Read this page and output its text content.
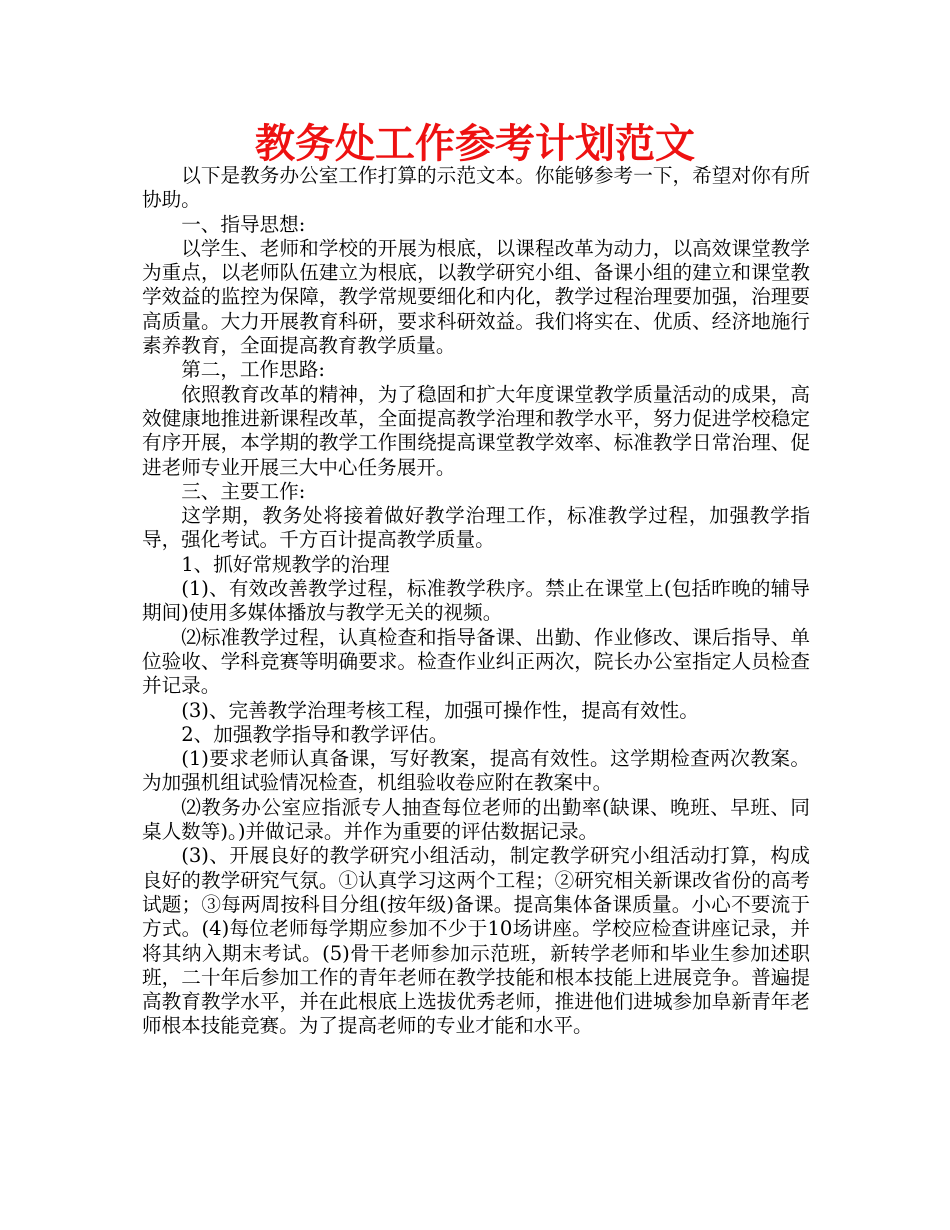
教务处工作参考计划范文

以下是教务办公室工作打算的示范文本。你能够参考一下，希望对你有所协助。

一、指导思想:

以学生、老师和学校的开展为根底，以课程改革为动力，以高效课堂教学为重点，以老师队伍建立为根底，以教学研究小组、备课小组的建立和课堂教学效益的监控为保障，教学常规要细化和内化，教学过程治理要加强，治理要高质量。大力开展教育科研，要求科研效益。我们将实在、优质、经济地施行素养教育，全面提高教育教学质量。

第二，工作思路:

依照教育改革的精神，为了稳固和扩大年度课堂教学质量活动的成果，高效健康地推进新课程改革，全面提高教学治理和教学水平，努力促进学校稳定有序开展，本学期的教学工作围绕提高课堂教学效率、标准教学日常治理、促进老师专业开展三大中心任务展开。

三、主要工作:

这学期，教务处将接着做好教学治理工作，标准教学过程，加强教学指导，强化考试。千方百计提高教学质量。

1、抓好常规教学的治理

(1)、有效改善教学过程，标准教学秩序。禁止在课堂上(包括昨晚的辅导期间)使用多媒体播放与教学无关的视频。

⑵标准教学过程，认真检查和指导备课、出勤、作业修改、课后指导、单位验收、学科竞赛等明确要求。检查作业纠正两次，院长办公室指定人员检查并记录。

(3)、完善教学治理考核工程，加强可操作性，提高有效性。

2、加强教学指导和教学评估。

(1)要求老师认真备课，写好教案，提高有效性。这学期检查两次教案。为加强机组试验情况检查，机组验收卷应附在教案中。

⑵教务办公室应指派专人抽查每位老师的出勤率(缺课、晚班、早班、同桌人数等)。)并做记录。并作为重要的评估数据记录。

(3)、开展良好的教学研究小组活动，制定教学研究小组活动打算，构成良好的教学研究气氛。①认真学习这两个工程；②研究相关新课改省份的高考试题；③每两周按科目分组(按年级)备课。提高集体备课质量。小心不要流于方式。(4)每位老师每学期应参加不少于10场讲座。学校应检查讲座记录，并将其纳入期末考试。(5)骨干老师参加示范班，新转学老师和毕业生参加述职班，二十年后参加工作的青年老师在教学技能和根本技能上进展竞争。普遍提高教育教学水平，并在此根底上选拔优秀老师，推进他们进城参加阜新青年老师根本技能竞赛。为了提高老师的专业才能和水平。
